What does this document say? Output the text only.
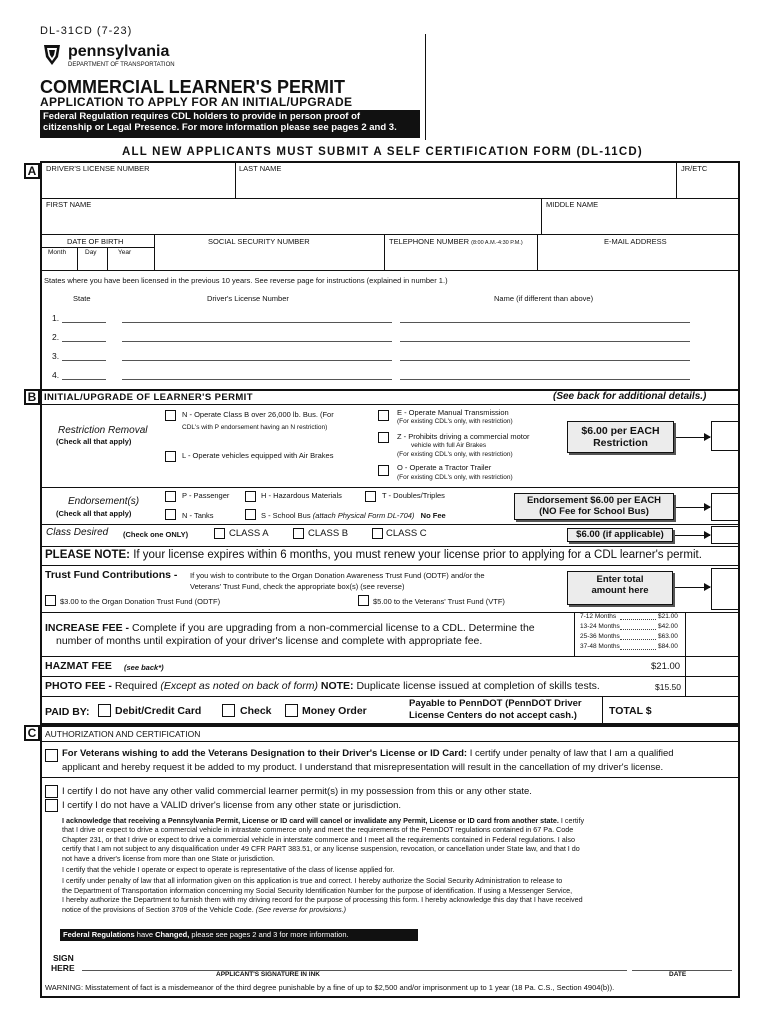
DL-31CD (7-23)
pennsylvania
DEPARTMENT OF TRANSPORTATION
COMMERCIAL LEARNER'S PERMIT
APPLICATION TO APPLY FOR AN INITIAL/UPGRADE
Federal Regulation requires CDL holders to provide in person proof of
citizenship or Legal Presence. For more information please see pages 2 and 3.
ALL NEW APPLICANTS MUST SUBMIT A SELF CERTIFICATION FORM (DL-11CD)
A	DRIVER'S LICENSE NUMBER	LAST NAME	JR/ETC
FIRST NAME	MIDDLE NAME
DATE OF BIRTH
Month	Day	Year
SOCIAL SECURITY NUMBER	TELEPHONE NUMBER (8:00 A.M.-4:30 P.M.)	E-MAIL ADDRESS
States where you have been licensed in the previous 10 years. See reverse page for instructions (explained in number 1.)
State	Driver's License Number	Name (if different than above)
1.
2.
3.
4.
B INITIAL/UPGRADE OF LEARNER'S PERMIT	(See back for additional details.)
Restriction Removal
(Check all that apply)
N - Operate Class B over 26,000 lb. Bus. (For
CDL's with P endorsement having an N restriction)
L - Operate vehicles equipped with Air Brakes
E - Operate Manual Transmission
(For existing CDL's only, with restriction)
Z - Prohibits driving a commercial motor
vehicle with full Air Brakes
(For existing CDL's only, with restriction)
O - Operate a Tractor Trailer
(For existing CDL's only, with restriction)
$6.00 per EACH
Restriction
Endorsement(s)
(Check all that apply)
P - Passenger	H - Hazardous Materials	T - Doubles/Triples
N - Tanks	S - School Bus (attach Physical Form DL-704) No Fee
Endorsement $6.00 per EACH
(NO Fee for School Bus)
Class Desired (Check one ONLY)	CLASS A	CLASS B	CLASS C	$6.00 (if applicable)
PLEASE NOTE: If your license expires within 6 months, you must renew your license prior to applying for a CDL learner's permit.
Trust Fund Contributions - If you wish to contribute to the Organ Donation Awareness Trust Fund (ODTF) and/or the
Veterans' Trust Fund, check the appropriate box(s) (see reverse)
$3.00 to the Organ Donation Trust Fund (ODTF)	$5.00 to the Veterans' Trust Fund (VTF)
Enter total
amount here
INCREASE FEE - Complete if you are upgrading from a non-commercial license to a CDL. Determine the
number of months until expiration of your driver's license and complete with appropriate fee.
7-12 Months	$21.00
13-24 Months	$42.00
25-36 Months	$63.00
37-48 Months	$84.00
HAZMAT FEE (see back*)	$21.00
PHOTO FEE - Required (Except as noted on back of form) NOTE: Duplicate license issued at completion of skills tests.	$15.50
PAID BY: Debit/Credit Card	Check	Money Order
Payable to PennDOT (PennDOT Driver
License Centers do not accept cash.)	TOTAL $
C	AUTHORIZATION AND CERTIFICATION
For Veterans wishing to add the Veterans Designation to their Driver's License or ID Card: I certify under penalty of law that I am a qualified
applicant and hereby request it be added to my product. I understand that misrepresentation will result in the cancellation of my driver's license.
I certify I do not have any other valid commercial learner permit(s) in my possession from this or any other state.
I certify I do not have a VALID driver's license from any other state or jurisdiction.
I acknowledge that receiving a Pennsylvania Permit, License or ID card will cancel or invalidate any Permit, License or ID card from another state. I certify
that I drive or expect to drive a commercial vehicle in intrastate commerce only and meet the requirements of the PennDOT regulations contained in 67 Pa. Code
Chapter 231, or that I drive or expect to drive a commercial vehicle in interstate commerce and I meet all the requirements contained in Federal regulations. I also
certify that I am not subject to any disqualification under 49 CFR PART 383.51, or any license suspension, revocation, or cancellation under State law, and that I do
not have a driver's license from more than one State or jurisdiction.
I certify that the vehicle I operate or expect to operate is representative of the class of license applied for.
I certify under penalty of law that all information given on this application is true and correct. I hereby authorize the Social Security Administration to release to
the Department of Transportation information concerning my Social Security Identification Number for the purpose of identification. If using a Messenger Service,
I hereby authorize the Department to furnish them with my driving record for the purpose of processing this form. I hereby acknowledge this day that I have received
notice of the provisions of Section 3709 of the Vehicle Code. (See reverse for provisions.)
Federal Regulations have Changed, please see pages 2 and 3 for more information.
SIGN
HERE
APPLICANT'S SIGNATURE IN INK	DATE
WARNING: Misstatement of fact is a misdemeanor of the third degree punishable by a fine of up to $2,500 and/or imprisonment up to 1 year (18 Pa. C.S., Section 4904(b)).
